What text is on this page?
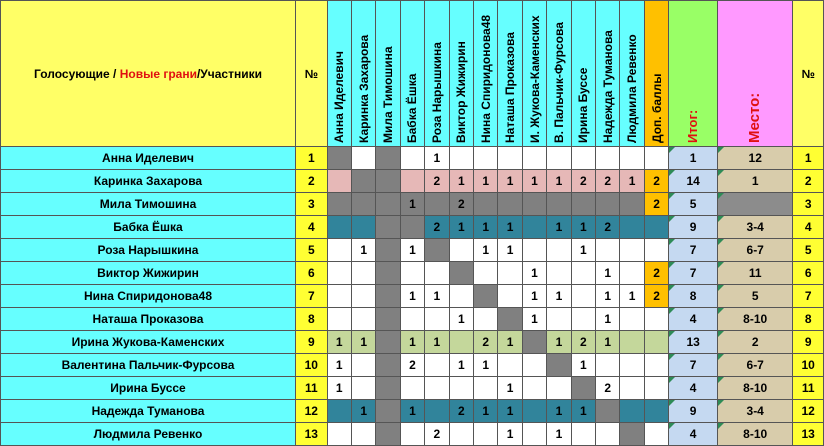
Голосующие / Новые грани/Участники	№	Анна Иделевич	Каринка Захарова	Мила Тимошина	Бабка Ёшка	Роза Нарышкина	Виктор Жижирин	Нина Спиридонова48	Наташа Проказова	И. Жукова-Каменских	В. Пальчик-Фурсова	Ирина Буссе	Надежда Туманова	Людмила Ревенко	Доп. баллы	Итог:	Место:	№
Анна Иделевич	1					1										1	12	1
Каринка Захарова	2					2	1	1	1	1	1	2	2	1	2	14	1	2
Мила Тимошина	3				1		2								2	5		3
Бабка Ёшка	4					2	1	1	1		1	1	2			9	3-4	4
Роза Нарышкина	5		1		1			1	1			1				7	6-7	5
Виктор Жижирин	6									1			1		2	7	11	6
Нина Спиридонова48	7				1	1				1	1		1	1	2	8	5	7
Наташа Проказова	8						1			1			1			4	8-10	8
Ирина Жукова-Каменских	9	1	1		1	1		2	1		1	2	1			13	2	9
Валентина Пальчик-Фурсова	10	1			2		1	1				1				7	6-7	10
Ирина Буссе	11	1							1				2			4	8-10	11
Надежда Туманова	12		1		1		2	1	1		1	1				9	3-4	12
Людмила Ревенко	13					2			1		1					4	8-10	13
